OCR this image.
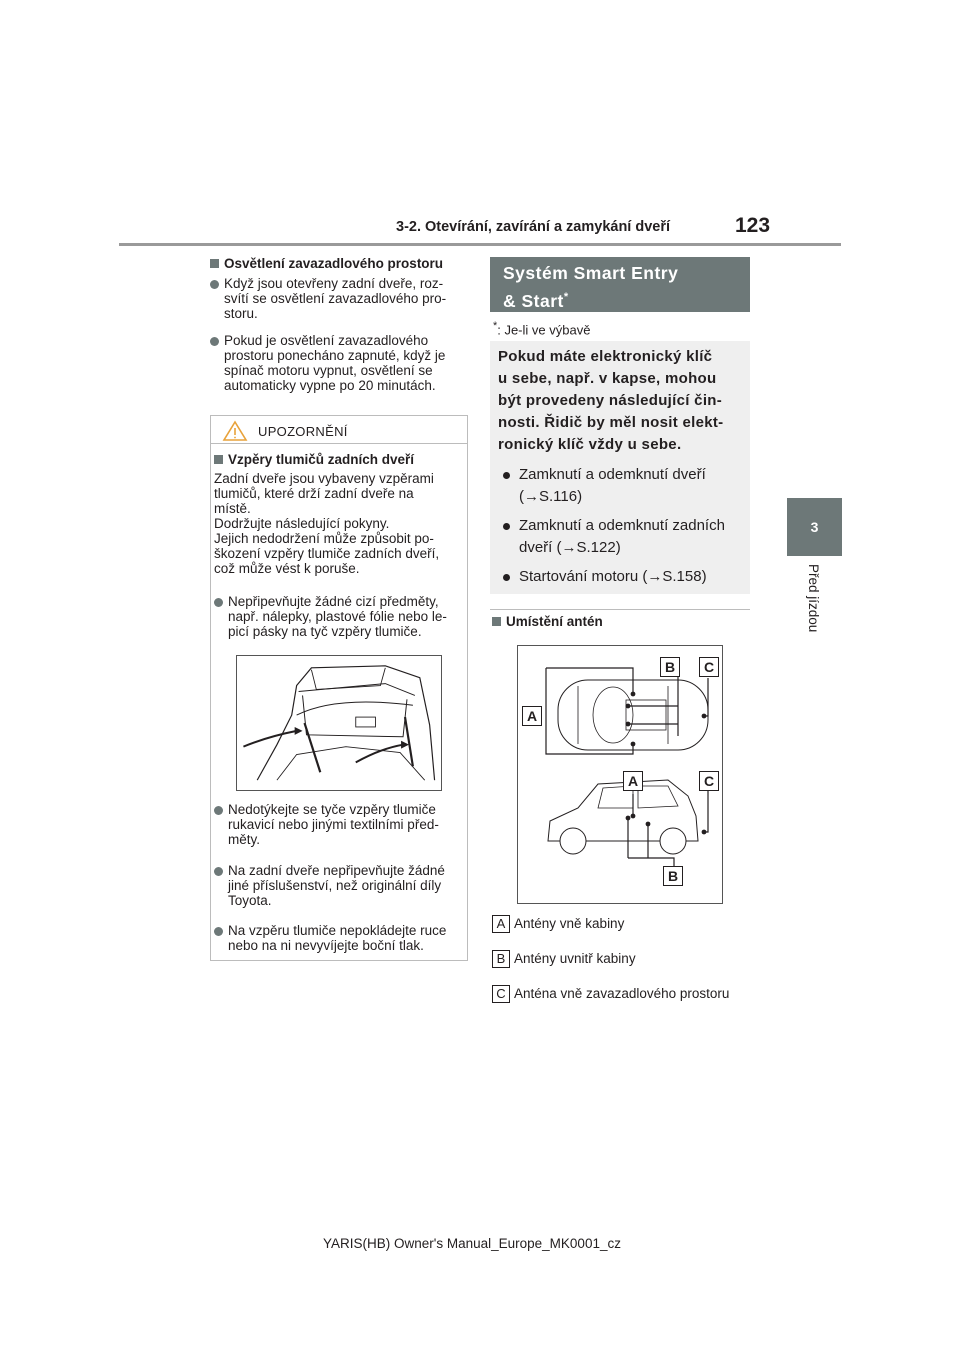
3-2. Otevírání, zavírání a zamykání dveří	123
3
Před jízdou
Osvětlení zavazadlového prostoru
Když jsou otevřeny zadní dveře, roz-
svítí se osvětlení zavazadlového pro-
storu.
Pokud je osvětlení zavazadlového
prostoru ponecháno zapnuté, když je
spínač motoru vypnut, osvětlení se
automaticky vypne po 20 minutách.
UPOZORNĚNÍ
Vzpěry tlumičů zadních dveří
Zadní dveře jsou vybaveny vzpěrami
tlumičů, které drží zadní dveře na
místě.
Dodržujte následující pokyny.
Jejich nedodržení může způsobit po-
škození vzpěry tlumiče zadních dveří,
což může vést k poruše.
Nepřipevňujte žádné cizí předměty,
např. nálepky, plastové fólie nebo le-
picí pásky na tyč vzpěry tlumiče.
Nedotýkejte se tyče vzpěry tlumiče
rukavicí nebo jinými textilními před-
měty.
Na zadní dveře nepřipevňujte žádné
jiné příslušenství, než originální díly
Toyota.
Na vzpěru tlumiče nepokládejte ruce
nebo na ni nevyvíjejte boční tlak.
Systém Smart Entry
& Start*
*: Je-li ve výbavě
Pokud máte elektronický klíč
u sebe, např. v kapse, mohou
být provedeny následující čin-
nosti. Řidič by měl nosit elekt-
ronický klíč vždy u sebe.
Zamknutí a odemknutí dveří
(→S.116)
Zamknutí a odemknutí zadních
dveří (→S.122)
Startování motoru (→S.158)
Umístění antén
A
B	C
A	C
B
A Antény vně kabiny
B Antény uvnitř kabiny
C Anténa vně zavazadlového prostoru
YARIS(HB) Owner's Manual_Europe_MK0001_cz
